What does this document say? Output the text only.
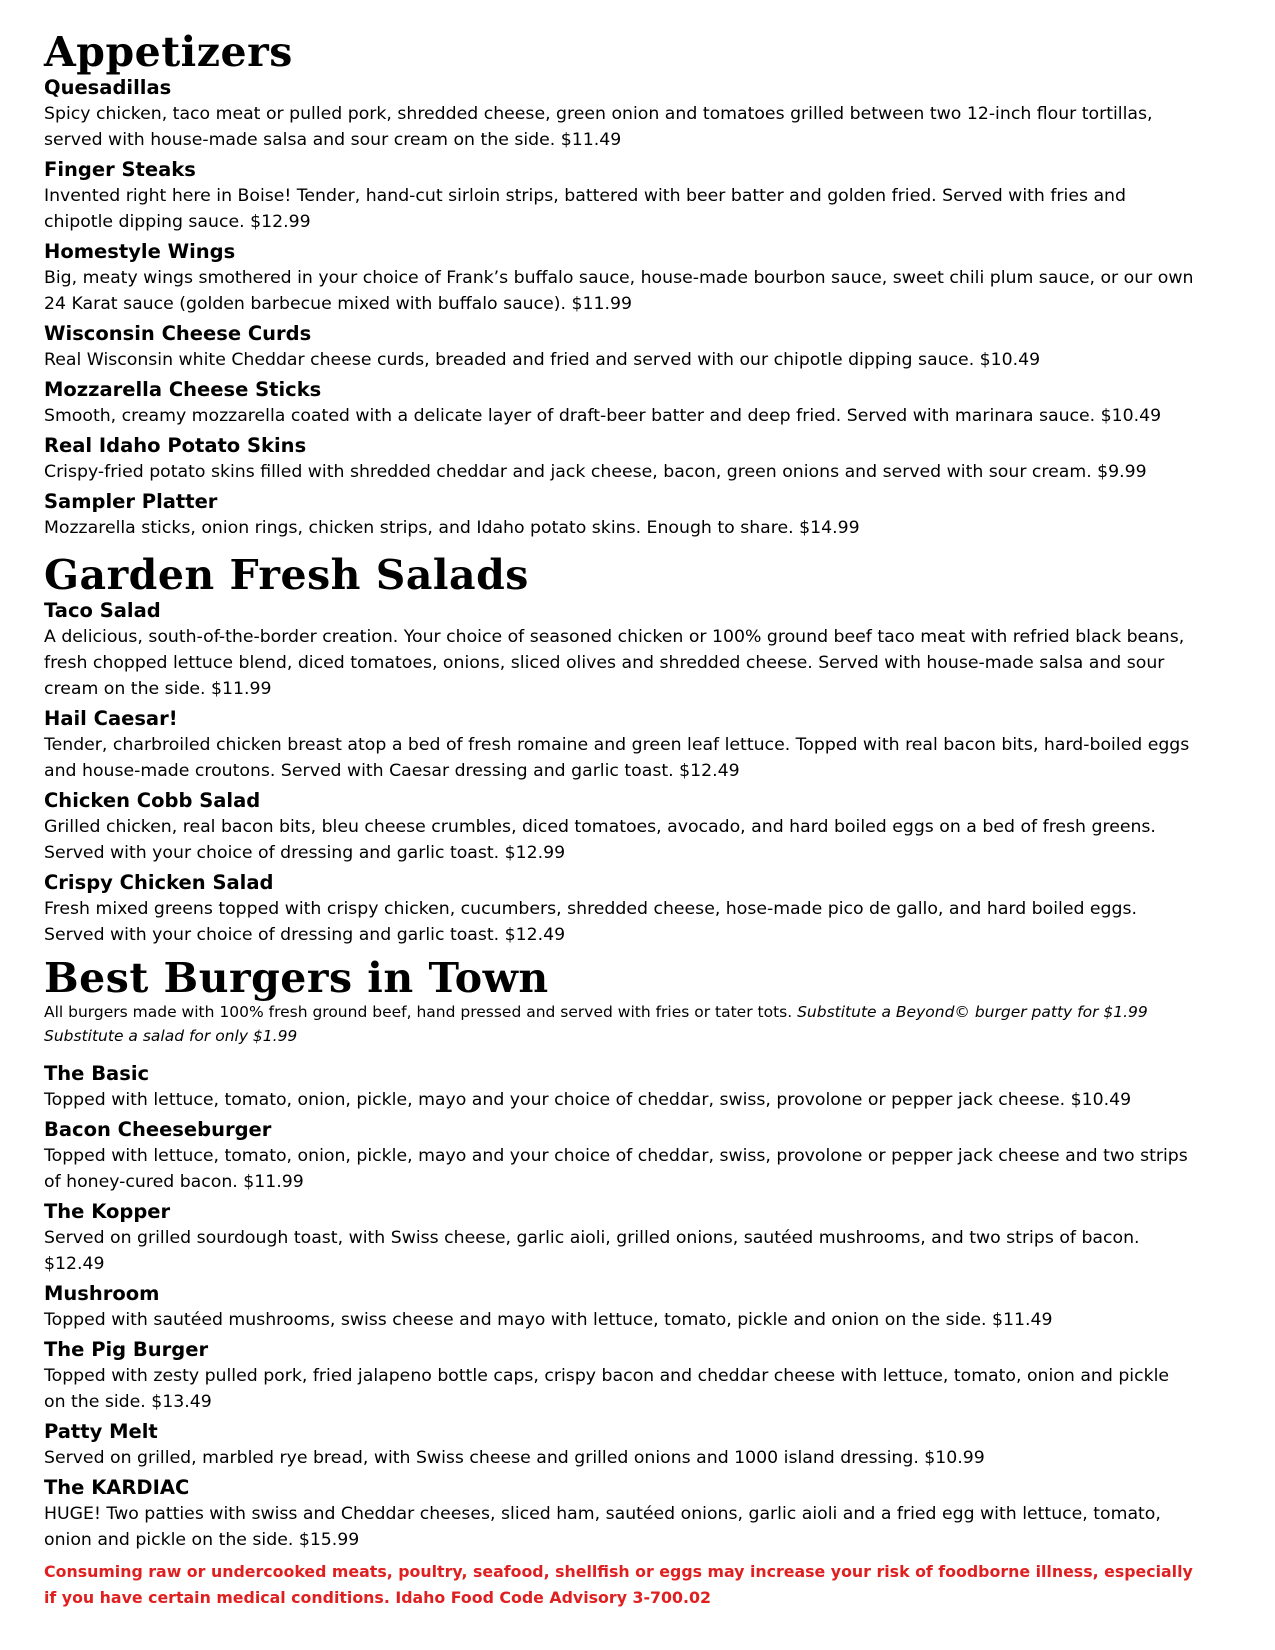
Appetizers

Quesadillas

Spicy chicken, taco meat or pulled pork, shredded cheese, green onion and tomatoes grilled between two 12-inch flour tortillas, served with house-made salsa and sour cream on the side. $11.49

Finger Steaks

Invented right here in Boise! Tender, hand-cut sirloin strips, battered with beer batter and golden fried. Served with fries and chipotle dipping sauce. $12.99

Homestyle Wings

Big, meaty wings smothered in your choice of Frank’s buffalo sauce, house-made bourbon sauce, sweet chili plum sauce, or our own 24 Karat sauce (golden barbecue mixed with buffalo sauce). $11.99

Wisconsin Cheese Curds

Real Wisconsin white Cheddar cheese curds, breaded and fried and served with our chipotle dipping sauce. $10.49

Mozzarella Cheese Sticks

Smooth, creamy mozzarella coated with a delicate layer of draft-beer batter and deep fried. Served with marinara sauce. $10.49

Real Idaho Potato Skins

Crispy-fried potato skins filled with shredded cheddar and jack cheese, bacon, green onions and served with sour cream. $9.99

Sampler Platter

Mozzarella sticks, onion rings, chicken strips, and Idaho potato skins. Enough to share. $14.99

Garden Fresh Salads

Taco Salad

A delicious, south-of-the-border creation. Your choice of seasoned chicken or 100% ground beef taco meat with refried black beans, fresh chopped lettuce blend, diced tomatoes, onions, sliced olives and shredded cheese. Served with house-made salsa and sour cream on the side. $11.99

Hail Caesar!

Tender, charbroiled chicken breast atop a bed of fresh romaine and green leaf lettuce. Topped with real bacon bits, hard-boiled eggs and house-made croutons. Served with Caesar dressing and garlic toast. $12.49

Chicken Cobb Salad

Grilled chicken, real bacon bits, bleu cheese crumbles, diced tomatoes, avocado, and hard boiled eggs on a bed of fresh greens. Served with your choice of dressing and garlic toast. $12.99

Crispy Chicken Salad

Fresh mixed greens topped with crispy chicken, cucumbers, shredded cheese, hose-made pico de gallo, and hard boiled eggs. Served with your choice of dressing and garlic toast. $12.49

Best Burgers in Town

All burgers made with 100% fresh ground beef, hand pressed and served with fries or tater tots. Substitute a Beyond© burger patty for $1.99 Substitute a salad for only $1.99

The Basic

Topped with lettuce, tomato, onion, pickle, mayo and your choice of cheddar, swiss, provolone or pepper jack cheese. $10.49

Bacon Cheeseburger

Topped with lettuce, tomato, onion, pickle, mayo and your choice of cheddar, swiss, provolone or pepper jack cheese and two strips of honey-cured bacon. $11.99

The Kopper

Served on grilled sourdough toast, with Swiss cheese, garlic aioli, grilled onions, sautéed mushrooms, and two strips of bacon. $12.49

Mushroom

Topped with sautéed mushrooms, swiss cheese and mayo with lettuce, tomato, pickle and onion on the side. $11.49

The Pig Burger

Topped with zesty pulled pork, fried jalapeno bottle caps, crispy bacon and cheddar cheese with lettuce, tomato, onion and pickle on the side. $13.49

Patty Melt

Served on grilled, marbled rye bread, with Swiss cheese and grilled onions and 1000 island dressing. $10.99

The KARDIAC

HUGE! Two patties with swiss and Cheddar cheeses, sliced ham, sautéed onions, garlic aioli and a fried egg with lettuce, tomato, onion and pickle on the side. $15.99

Consuming raw or undercooked meats, poultry, seafood, shellfish or eggs may increase your risk of foodborne illness, especially if you have certain medical conditions. Idaho Food Code Advisory 3-700.02
